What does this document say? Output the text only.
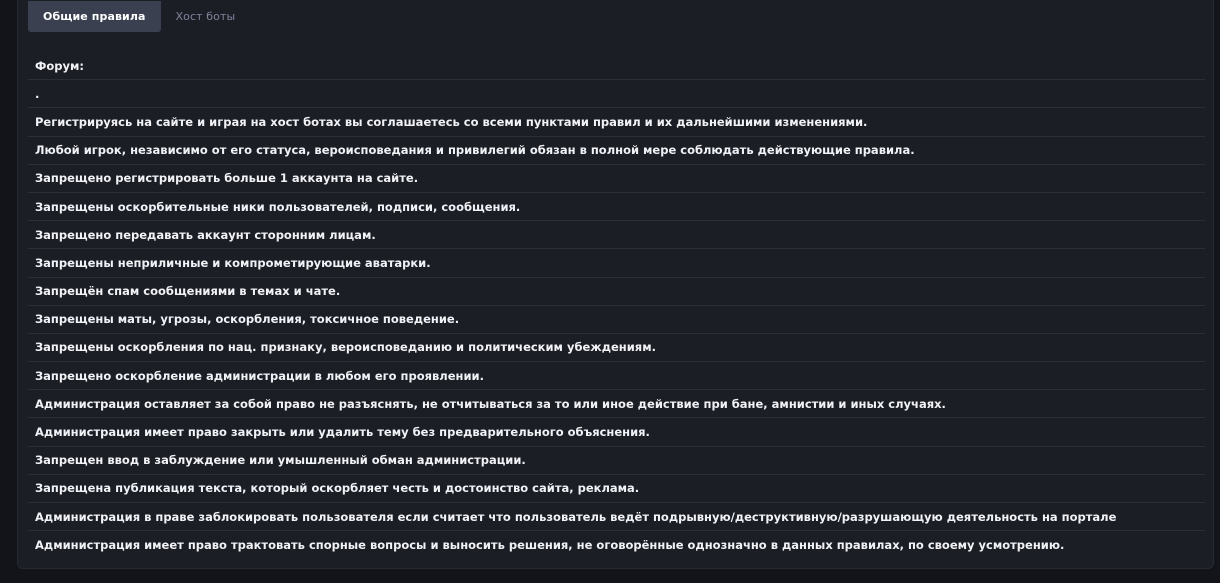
Общие правила	Хост боты
Форум:
.
Регистрируясь на сайте и играя на хост ботах вы соглашаетесь со всеми пунктами правил и их дальнейшими изменениями.
Любой игрок, независимо от его статуса, вероисповедания и привилегий обязан в полной мере соблюдать действующие правила.
Запрещено регистрировать больше 1 аккаунта на сайте.
Запрещены оскорбительные ники пользователей, подписи, сообщения.
Запрещено передавать аккаунт сторонним лицам.
Запрещены неприличные и компрометирующие аватарки.
Запрещён спам сообщениями в темах и чате.
Запрещены маты, угрозы, оскорбления, токсичное поведение.
Запрещены оскорбления по нац. признаку, вероисповеданию и политическим убеждениям.
Запрещено оскорбление администрации в любом его проявлении.
Администрация оставляет за собой право не разъяснять, не отчитываться за то или иное действие при бане, амнистии и иных случаях.
Администрация имеет право закрыть или удалить тему без предварительного объяснения.
Запрещен ввод в заблуждение или умышленный обман администрации.
Запрещена публикация текста, который оскорбляет честь и достоинство сайта, реклама.
Администрация в праве заблокировать пользователя если считает что пользователь ведёт подрывную/деструктивную/разрушающую деятельность на портале
Администрация имеет право трактовать спорные вопросы и выносить решения, не оговорённые однозначно в данных правилах, по своему усмотрению.
